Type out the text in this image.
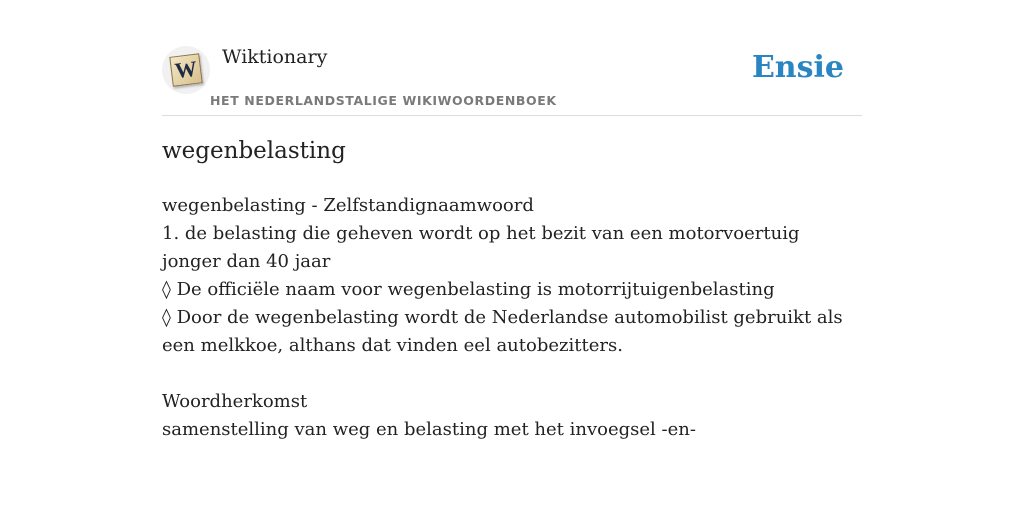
W Wiktionary
HET NEDERLANDSTALIGE WIKIWOORDENBOEK
Ensie
wegenbelasting
wegenbelasting - Zelfstandignaamwoord
1. de belasting die geheven wordt op het bezit van een motorvoertuig jonger dan 40 jaar
◊ De officiële naam voor wegenbelasting is motorrijtuigenbelasting
◊ Door de wegenbelasting wordt de Nederlandse automobilist gebruikt als een melkkoe, althans dat vinden eel autobezitters.
Woordherkomst
samenstelling van weg en belasting met het invoegsel -en-
